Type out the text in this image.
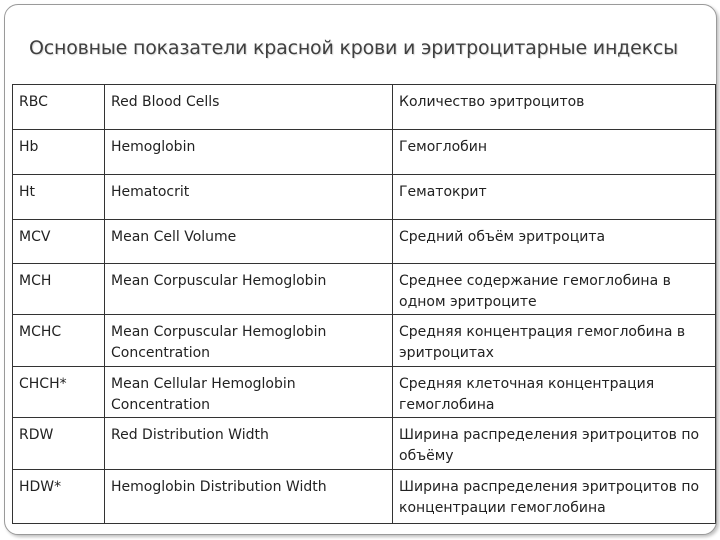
Основные показатели красной крови и эритроцитарные индексы
RBC	Red Blood Cells	Количество эритроцитов
Hb	Hemoglobin	Гемоглобин
Ht	Hematocrit	Гематокрит
MCV	Mean Cell Volume	Средний объём эритроцита
MCH	Mean Corpuscular Hemoglobin	Среднее содержание гемоглобина в одном эритроците
MCHC	Mean Corpuscular Hemoglobin Concentration	Средняя концентрация гемоглобина в эритроцитах
CHCH*	Mean Cellular Hemoglobin Concentration	Средняя клеточная концентрация гемоглобина
RDW	Red Distribution Width	Ширина распределения эритроцитов по объёму
HDW*	Hemoglobin Distribution Width	Ширина распределения эритроцитов по концентрации гемоглобина
